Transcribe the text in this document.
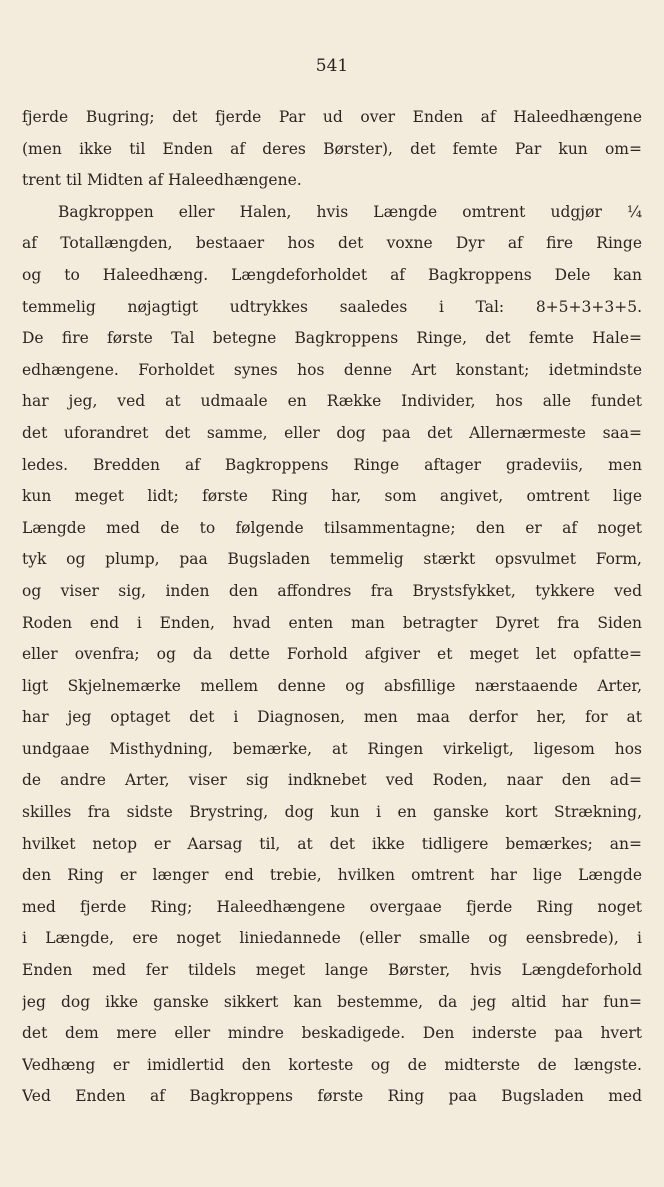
541
fjerde Bugring; det fjerde Par ud over Enden af Haleedhængene
(men ikke til Enden af deres Børster), det femte Par kun om=
trent til Midten af Haleedhængene.
Bagkroppen eller Halen, hvis Længde omtrent udgjør ¼
af Totallængden, bestaaer hos det voxne Dyr af fire Ringe
og to Haleedhæng. Længdeforholdet af Bagkroppens Dele kan
temmelig nøjagtigt udtrykkes saaledes i Tal: 8+5+3+3+5.
De fire første Tal betegne Bagkroppens Ringe, det femte Hale=
edhængene. Forholdet synes hos denne Art konstant; idetmindste
har jeg, ved at udmaale en Række Individer, hos alle fundet
det uforandret det samme, eller dog paa det Allernærmeste saa=
ledes. Bredden af Bagkroppens Ringe aftager gradeviis, men
kun meget lidt; første Ring har, som angivet, omtrent lige
Længde med de to følgende tilsammentagne; den er af noget
tyk og plump, paa Bugsladen temmelig stærkt opsvulmet Form,
og viser sig, inden den affondres fra Brystsfykket, tykkere ved
Roden end i Enden, hvad enten man betragter Dyret fra Siden
eller ovenfra; og da dette Forhold afgiver et meget let opfatte=
ligt Skjelnemærke mellem denne og absfillige nærstaaende Arter,
har jeg optaget det i Diagnosen, men maa derfor her, for at
undgaae Misthydning, bemærke, at Ringen virkeligt, ligesom hos
de andre Arter, viser sig indknebet ved Roden, naar den ad=
skilles fra sidste Brystring, dog kun i en ganske kort Strækning,
hvilket netop er Aarsag til, at det ikke tidligere bemærkes; an=
den Ring er længer end trebie, hvilken omtrent har lige Længde
med fjerde Ring; Haleedhængene overgaae fjerde Ring noget
i Længde, ere noget liniedannede (eller smalle og eensbrede), i
Enden med fer tildels meget lange Børster, hvis Længdeforhold
jeg dog ikke ganske sikkert kan bestemme, da jeg altid har fun=
det dem mere eller mindre beskadigede. Den inderste paa hvert
Vedhæng er imidlertid den korteste og de midterste de længste.
Ved Enden af Bagkroppens første Ring paa Bugsladen med
